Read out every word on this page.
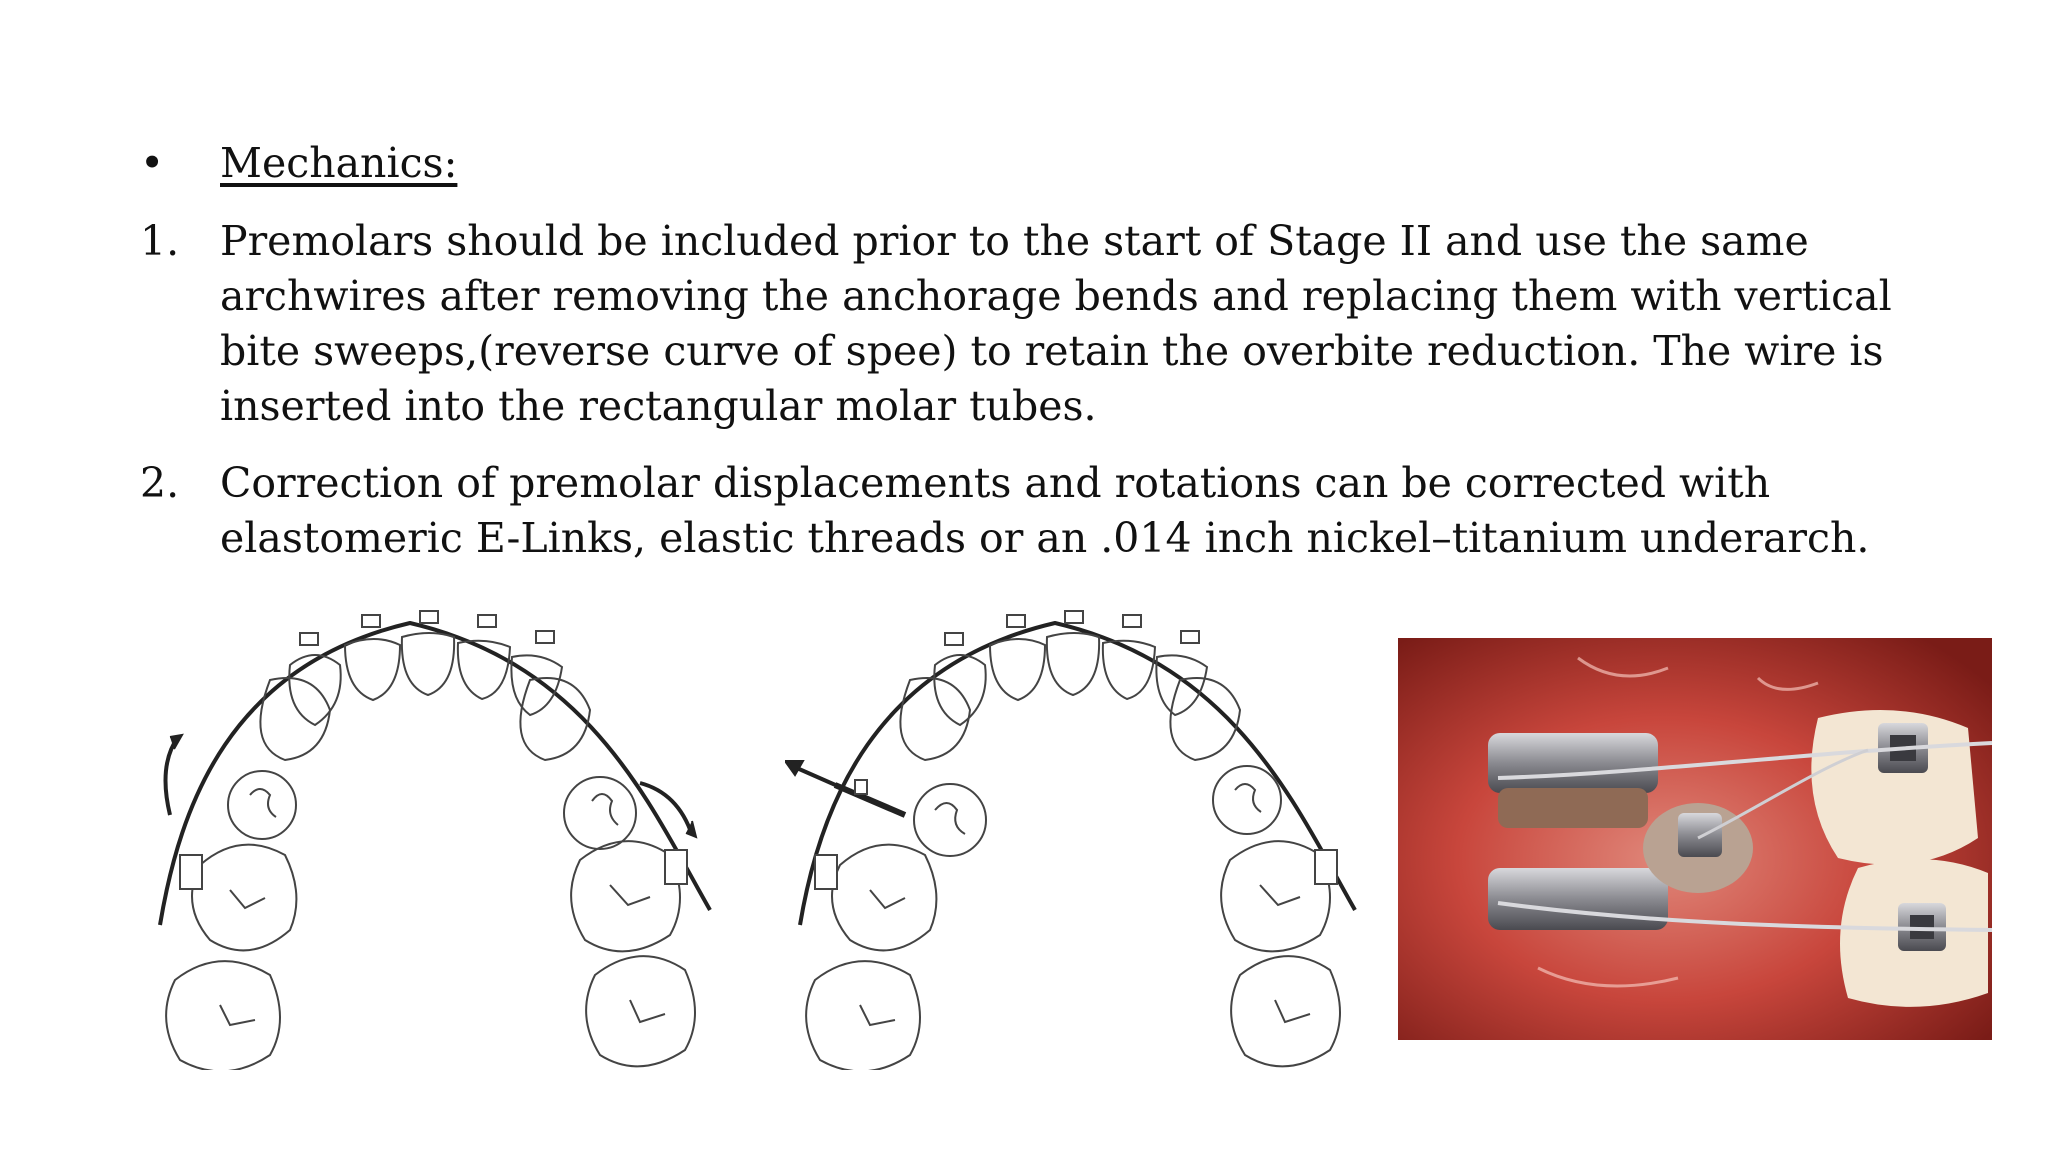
•	Mechanics:
1. Premolars should be included prior to the start of Stage II and use the same archwires after removing the anchorage bends and replacing them with vertical bite sweeps,(reverse curve of spee) to retain the overbite reduction. The wire is inserted into the rectangular molar tubes.
2. Correction of premolar displacements and rotations can be corrected with elastomeric E-Links, elastic threads or an .014 inch nickel–titanium underarch.
